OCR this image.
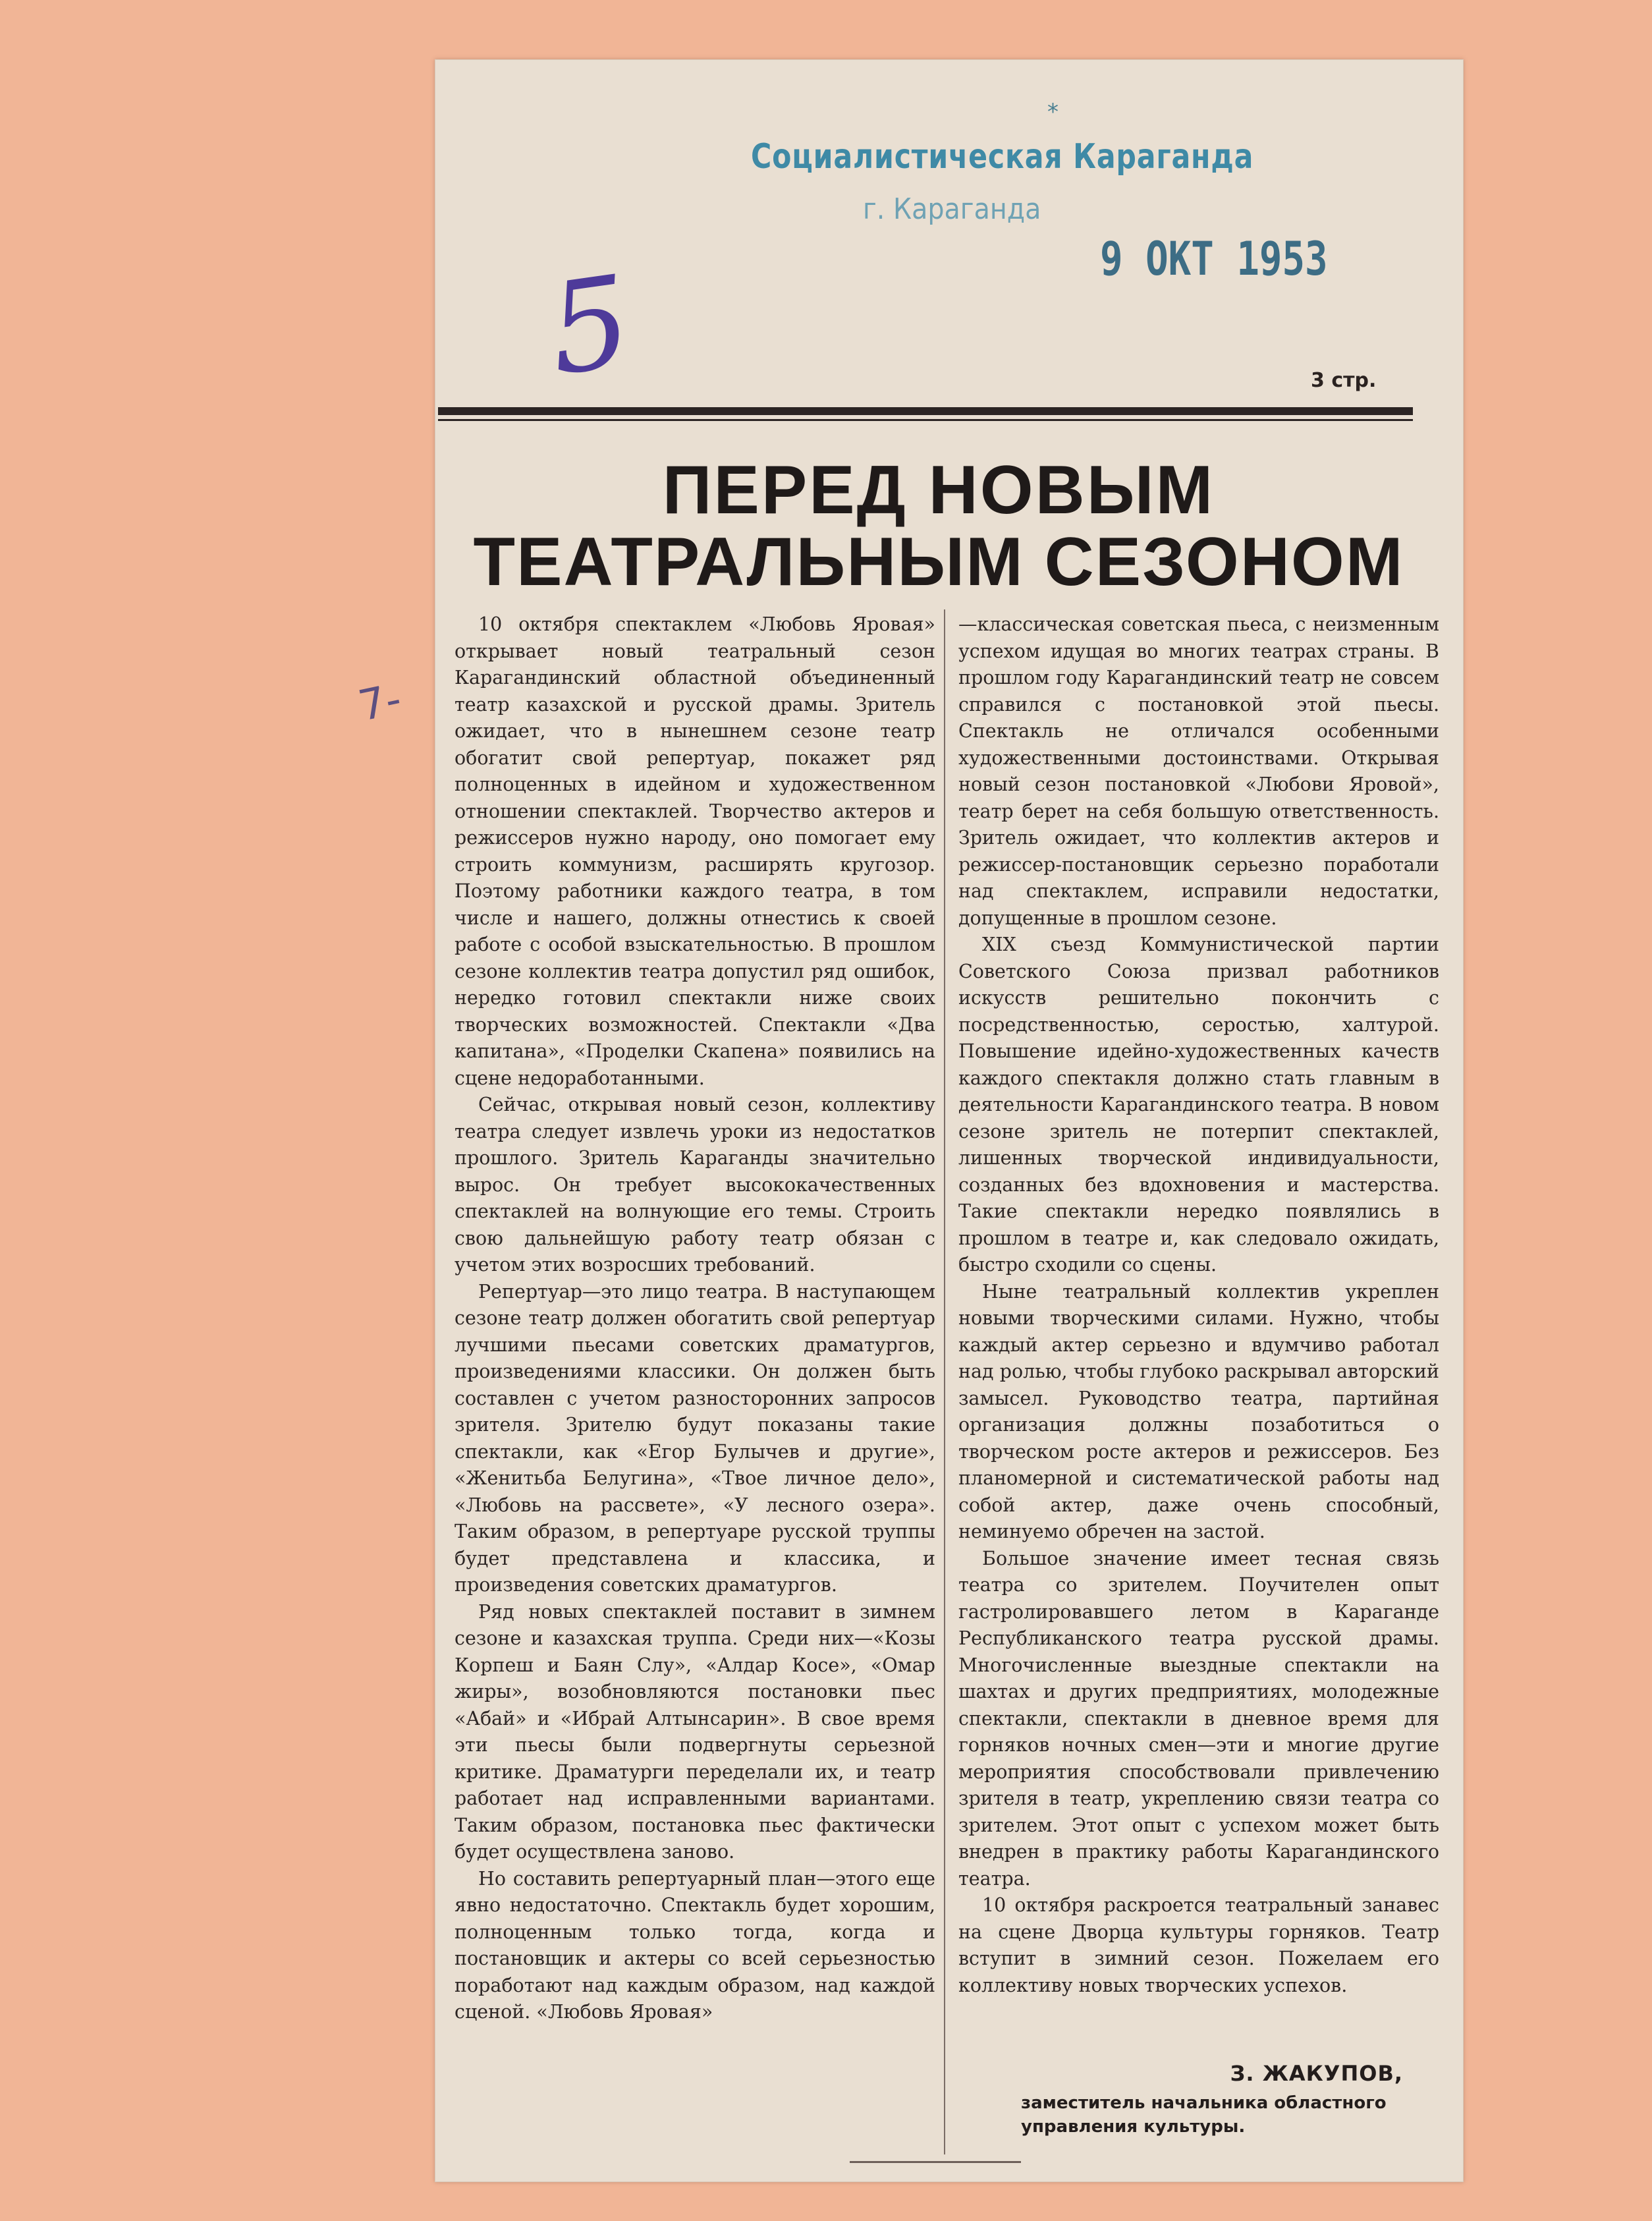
*
Социалистическая Караганда
г. Караганда
9 ОКТ 1953
5	3 стр.
ПЕРЕД НОВЫМ
ТЕАТРАЛЬНЫМ СЕЗОНОМ
7-

10 октября спектаклем «Любовь Яровая» открывает новый театральный сезон Карагандинский областной объединенный театр казахской и русской драмы. Зритель ожидает, что в нынешнем сезоне театр обогатит свой репертуар, покажет ряд полноценных в идейном и художественном отношении спектаклей. Творчество актеров и режиссеров нужно народу, оно помогает ему строить коммунизм, расширять кругозор. Поэтому работники каждого театра, в том числе и нашего, должны отнестись к своей работе с особой взыскательностью. В прошлом сезоне коллектив театра допустил ряд ошибок, нередко готовил спектакли ниже своих творческих возможностей. Спектакли «Два капитана», «Проделки Скапена» появились на сцене недоработанными.

Сейчас, открывая новый сезон, коллективу театра следует извлечь уроки из недостатков прошлого. Зритель Караганды значительно вырос. Он требует высококачественных спектаклей на волнующие его темы. Строить свою дальнейшую работу театр обязан с учетом этих возросших требований.

Репертуар—это лицо театра. В наступающем сезоне театр должен обогатить свой репертуар лучшими пьесами советских драматургов, произведениями классики. Он должен быть составлен с учетом разносторонних запросов зрителя. Зрителю будут показаны такие спектакли, как «Егор Булычев и другие», «Женитьба Белугина», «Твое личное дело», «Любовь на рассвете», «У лесного озера». Таким образом, в репертуаре русской труппы будет представлена и классика, и произведения советских драматургов.

Ряд новых спектаклей поставит в зимнем сезоне и казахская труппа. Среди них—«Козы Корпеш и Баян Слу», «Алдар Косе», «Омар жиры», возобновляются постановки пьес «Абай» и «Ибрай Алтынсарин». В свое время эти пьесы были подвергнуты серьезной критике. Драматурги переделали их, и театр работает над исправленными вариантами. Таким образом, постановка пьес фактически будет осуществлена заново.

Но составить репертуарный план—этого еще явно недостаточно. Спектакль будет хорошим, полноценным только тогда, когда и постановщик и актеры со всей серьезностью поработают над каждым образом, над каждой сценой. «Любовь Яровая»

—классическая советская пьеса, с неизменным успехом идущая во многих театрах страны. В прошлом году Карагандинский театр не совсем справился с постановкой этой пьесы. Спектакль не отличался особенными художественными достоинствами. Открывая новый сезон постановкой «Любови Яровой», театр берет на себя большую ответственность. Зритель ожидает, что коллектив актеров и режиссер-постановщик серьезно поработали над спектаклем, исправили недостатки, допущенные в прошлом сезоне.

XIX съезд Коммунистической партии Советского Союза призвал работников искусств решительно покончить с посредственностью, серостью, халтурой. Повышение идейно-художественных качеств каждого спектакля должно стать главным в деятельности Карагандинского театра. В новом сезоне зритель не потерпит спектаклей, лишенных творческой индивидуальности, созданных без вдохновения и мастерства. Такие спектакли нередко появлялись в прошлом в театре и, как следовало ожидать, быстро сходили со сцены.

Ныне театральный коллектив укреплен новыми творческими силами. Нужно, чтобы каждый актер серьезно и вдумчиво работал над ролью, чтобы глубоко раскрывал авторский замысел. Руководство театра, партийная организация должны позаботиться о творческом росте актеров и режиссеров. Без планомерной и систематической работы над собой актер, даже очень способный, неминуемо обречен на застой.

Большое значение имеет тесная связь театра со зрителем. Поучителен опыт гастролировавшего летом в Караганде Республиканского театра русской драмы. Многочисленные выездные спектакли на шахтах и других предприятиях, молодежные спектакли, спектакли в дневное время для горняков ночных смен—эти и многие другие мероприятия способствовали привлечению зрителя в театр, укреплению связи театра со зрителем. Этот опыт с успехом может быть внедрен в практику работы Карагандинского театра.

10 октября раскроется театральный занавес на сцене Дворца культуры горняков. Театр вступит в зимний сезон. Пожелаем его коллективу новых творческих успехов.

З. ЖАКУПОВ,
заместитель начальника областного управления культуры.
